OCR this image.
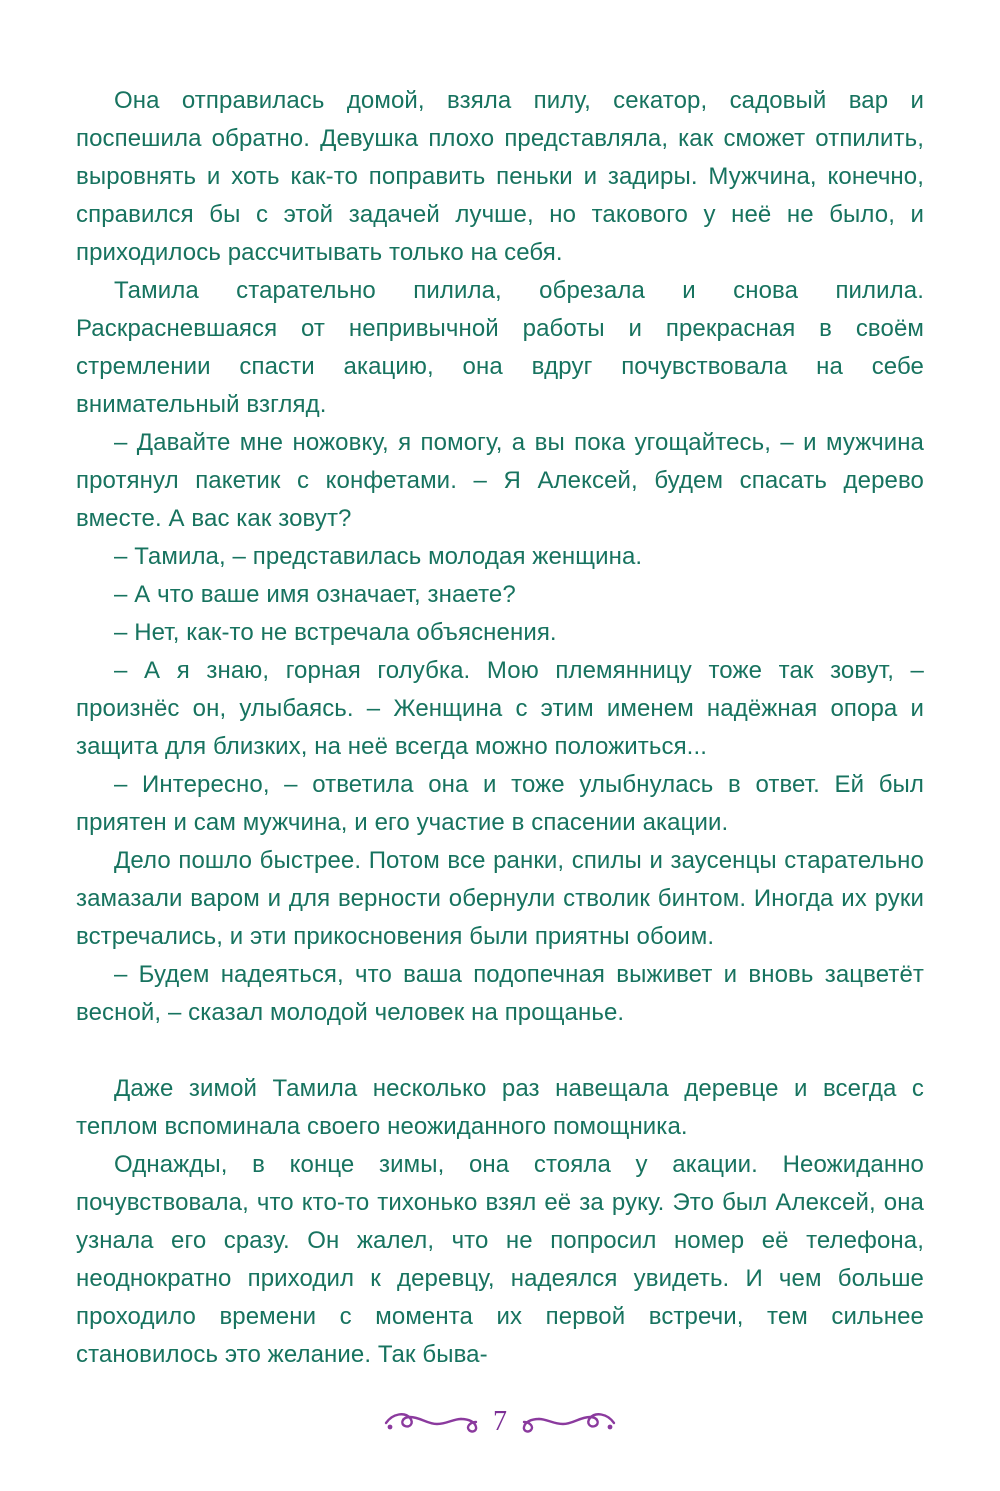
Она отправилась домой, взяла пилу, секатор, садовый вар и поспешила обратно. Девушка плохо представляла, как сможет отпилить, выровнять и хоть как-то поправить пеньки и задиры. Мужчина, конечно, справился бы с этой задачей лучше, но такового у неё не было, и приходилось рассчитывать только на себя.

Тамила старательно пилила, обрезала и снова пилила. Раскрасневшаяся от непривычной работы и прекрасная в своём стремлении спасти акацию, она вдруг почувствовала на себе внимательный взгляд.

– Давайте мне ножовку, я помогу, а вы пока угощайтесь, – и мужчина протянул пакетик с конфетами. – Я Алексей, будем спасать дерево вместе. А вас как зовут?

– Тамила, – представилась молодая женщина.

– А что ваше имя означает, знаете?

– Нет, как-то не встречала объяснения.

– А я знаю, горная голубка. Мою племянницу тоже так зовут, – произнёс он, улыбаясь. – Женщина с этим именем надёжная опора и защита для близких, на неё всегда можно положиться...

– Интересно, – ответила она и тоже улыбнулась в ответ. Ей был приятен и сам мужчина, и его участие в спасении акации.

Дело пошло быстрее. Потом все ранки, спилы и заусенцы старательно замазали варом и для верности обернули стволик бинтом. Иногда их руки встречались, и эти прикосновения были приятны обоим.

– Будем надеяться, что ваша подопечная выживет и вновь зацветёт весной, – сказал молодой человек на прощанье.

Даже зимой Тамила несколько раз навещала деревце и всегда с теплом вспоминала своего неожиданного помощника.

Однажды, в конце зимы, она стояла у акации. Неожиданно почувствовала, что кто-то тихонько взял её за руку. Это был Алексей, она узнала его сразу. Он жалел, что не попросил номер её телефона, неоднократно приходил к деревцу, надеялся увидеть. И чем больше проходило времени с момента их первой встречи, тем сильнее становилось это желание. Так быва-

7
